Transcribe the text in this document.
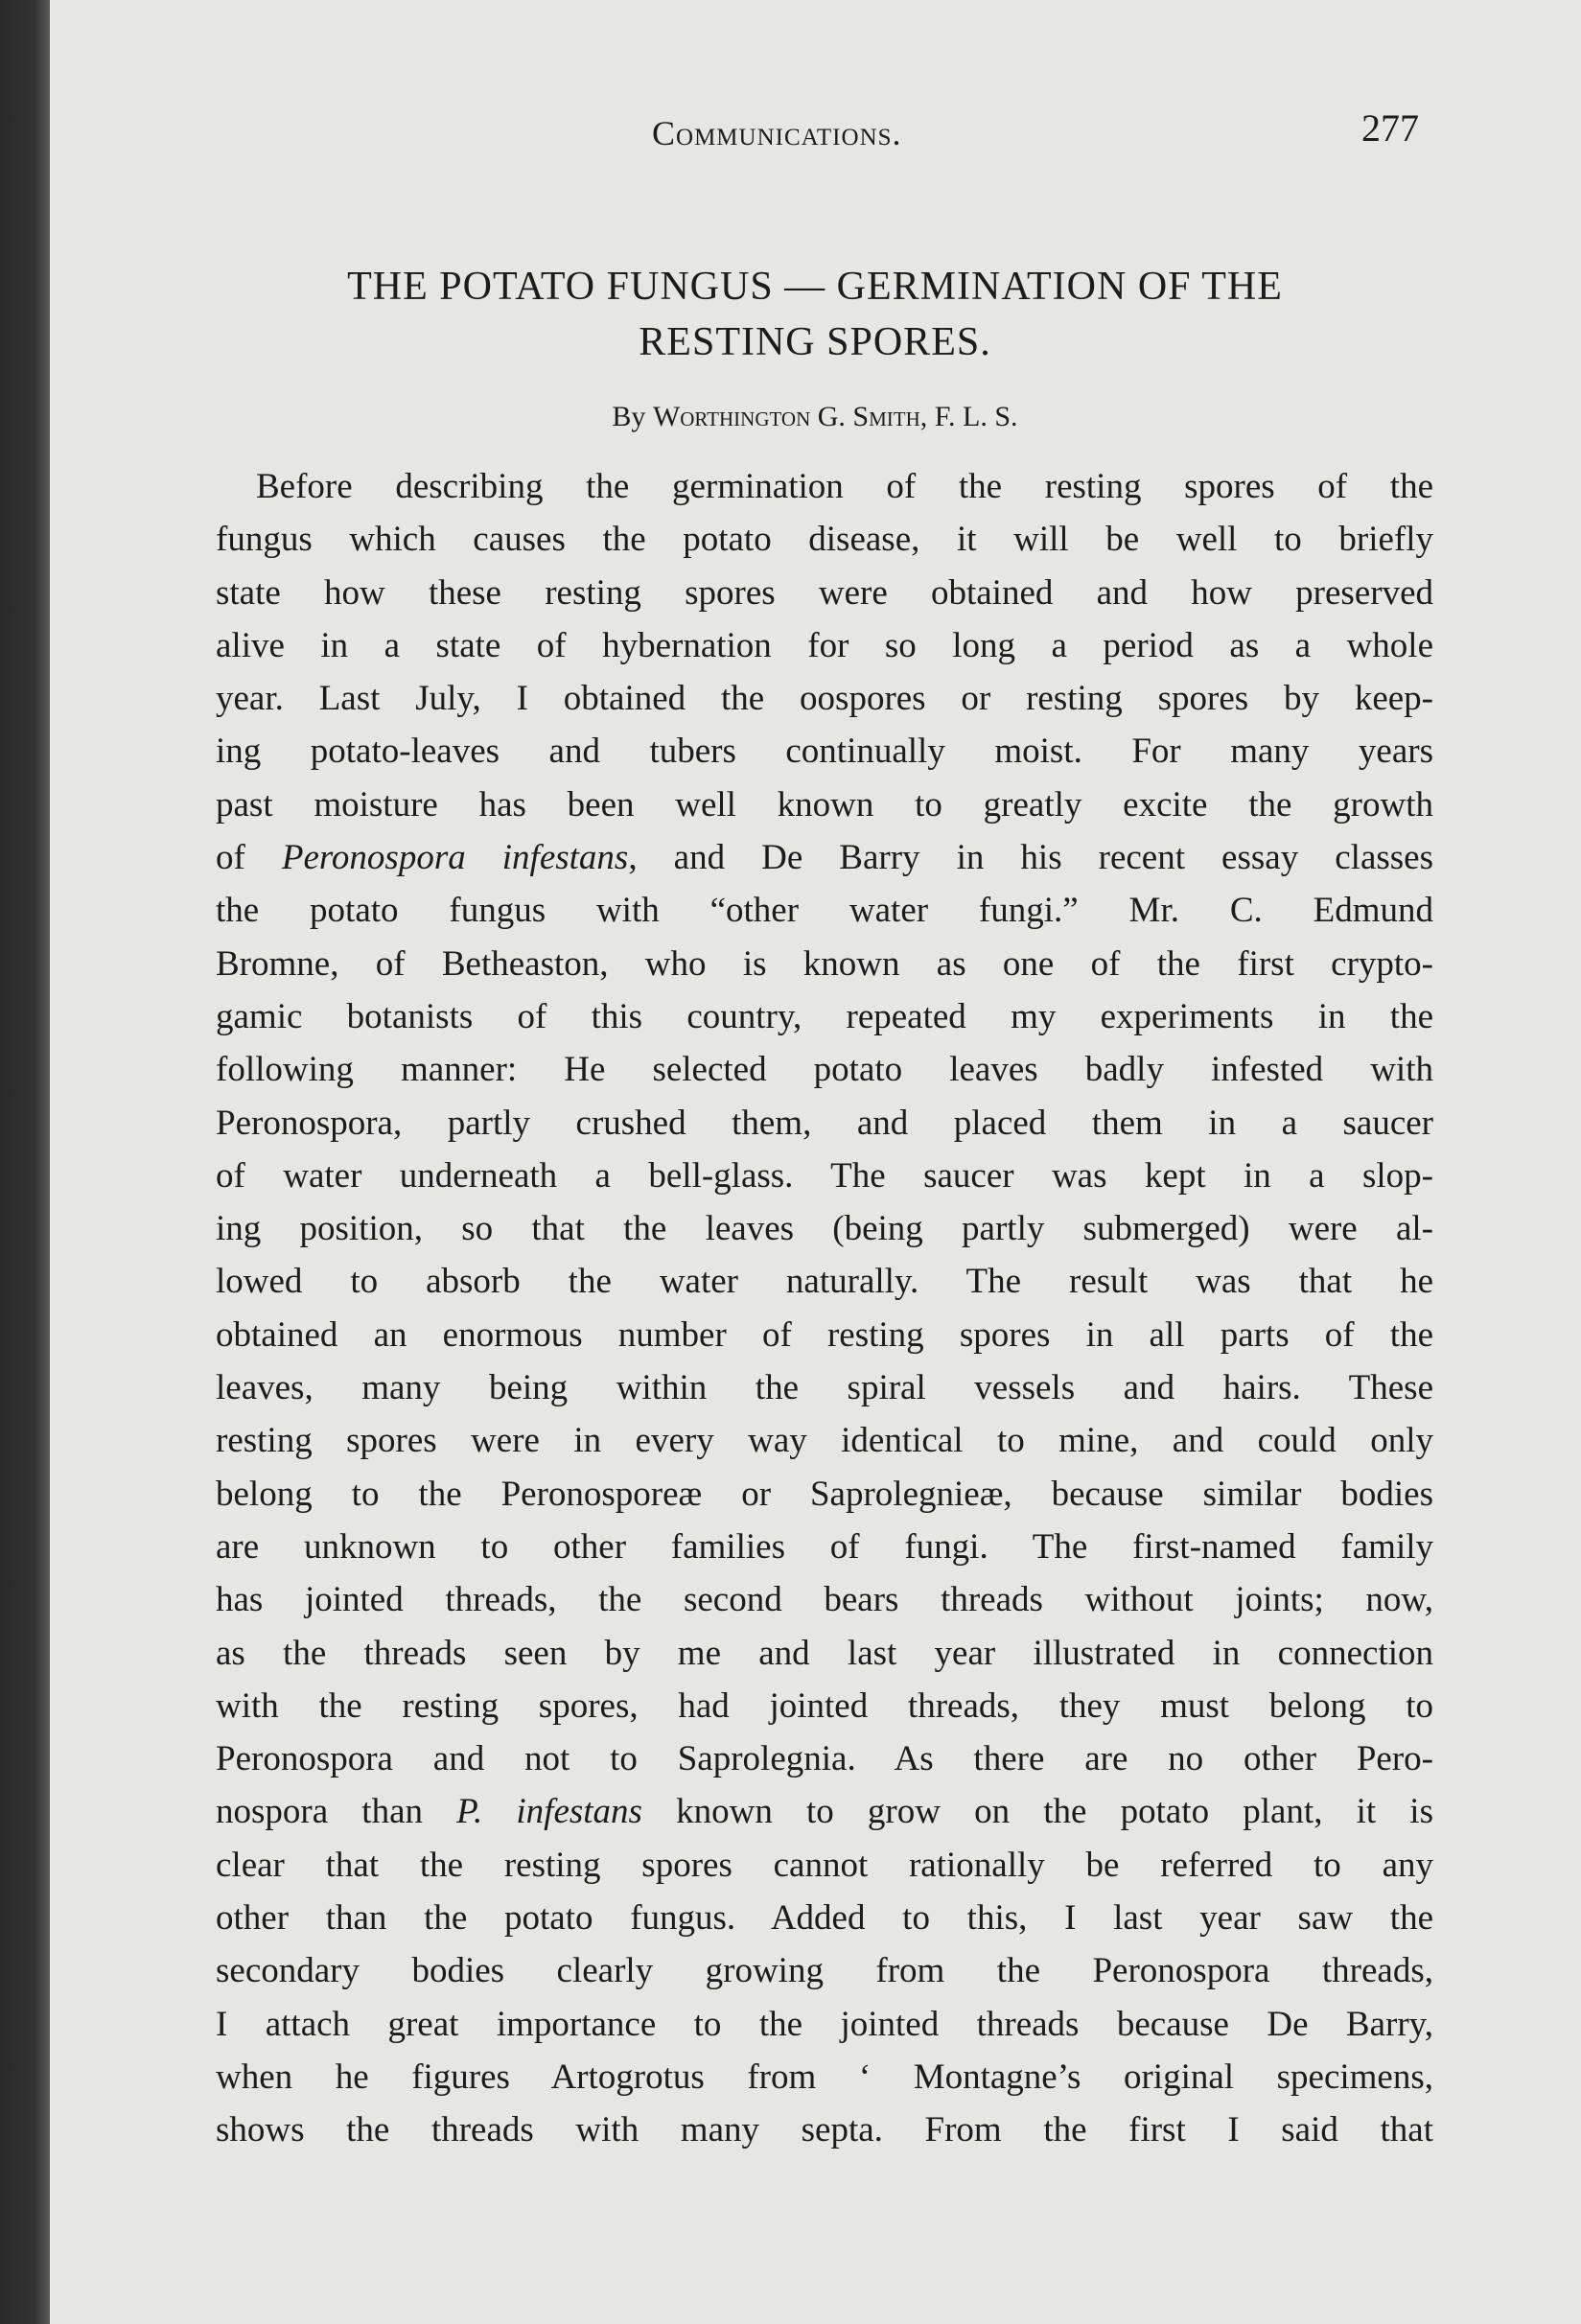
Communications.	277
THE POTATO FUNGUS — GERMINATION OF THE
RESTING SPORES.
By Worthington G. Smith, F. L. S.
Before describing the germination of the resting spores of the
fungus which causes the potato disease, it will be well to briefly
state how these resting spores were obtained and how preserved
alive in a state of hybernation for so long a period as a whole
year. Last July, I obtained the oospores or resting spores by keep-
ing potato-leaves and tubers continually moist. For many years
past moisture has been well known to greatly excite the growth
of Peronospora infestans, and De Barry in his recent essay classes
the potato fungus with “other water fungi.” Mr. C. Edmund
Bromne, of Betheaston, who is known as one of the first crypto-
gamic botanists of this country, repeated my experiments in the
following manner: He selected potato leaves badly infested with
Peronospora, partly crushed them, and placed them in a saucer
of water underneath a bell-glass. The saucer was kept in a slop-
ing position, so that the leaves (being partly submerged) were al-
lowed to absorb the water naturally. The result was that he
obtained an enormous number of resting spores in all parts of the
leaves, many being within the spiral vessels and hairs. These
resting spores were in every way identical to mine, and could only
belong to the Peronosporeæ or Saprolegnieæ, because similar bodies
are unknown to other families of fungi. The first-named family
has jointed threads, the second bears threads without joints; now,
as the threads seen by me and last year illustrated in connection
with the resting spores, had jointed threads, they must belong to
Peronospora and not to Saprolegnia. As there are no other Pero-
nospora than P. infestans known to grow on the potato plant, it is
clear that the resting spores cannot rationally be referred to any
other than the potato fungus. Added to this, I last year saw the
secondary bodies clearly growing from the Peronospora threads,
I attach great importance to the jointed threads because De Barry,
when he figures Artogrotus from ‘ Montagne’s original specimens,
shows the threads with many septa. From the first I said that
